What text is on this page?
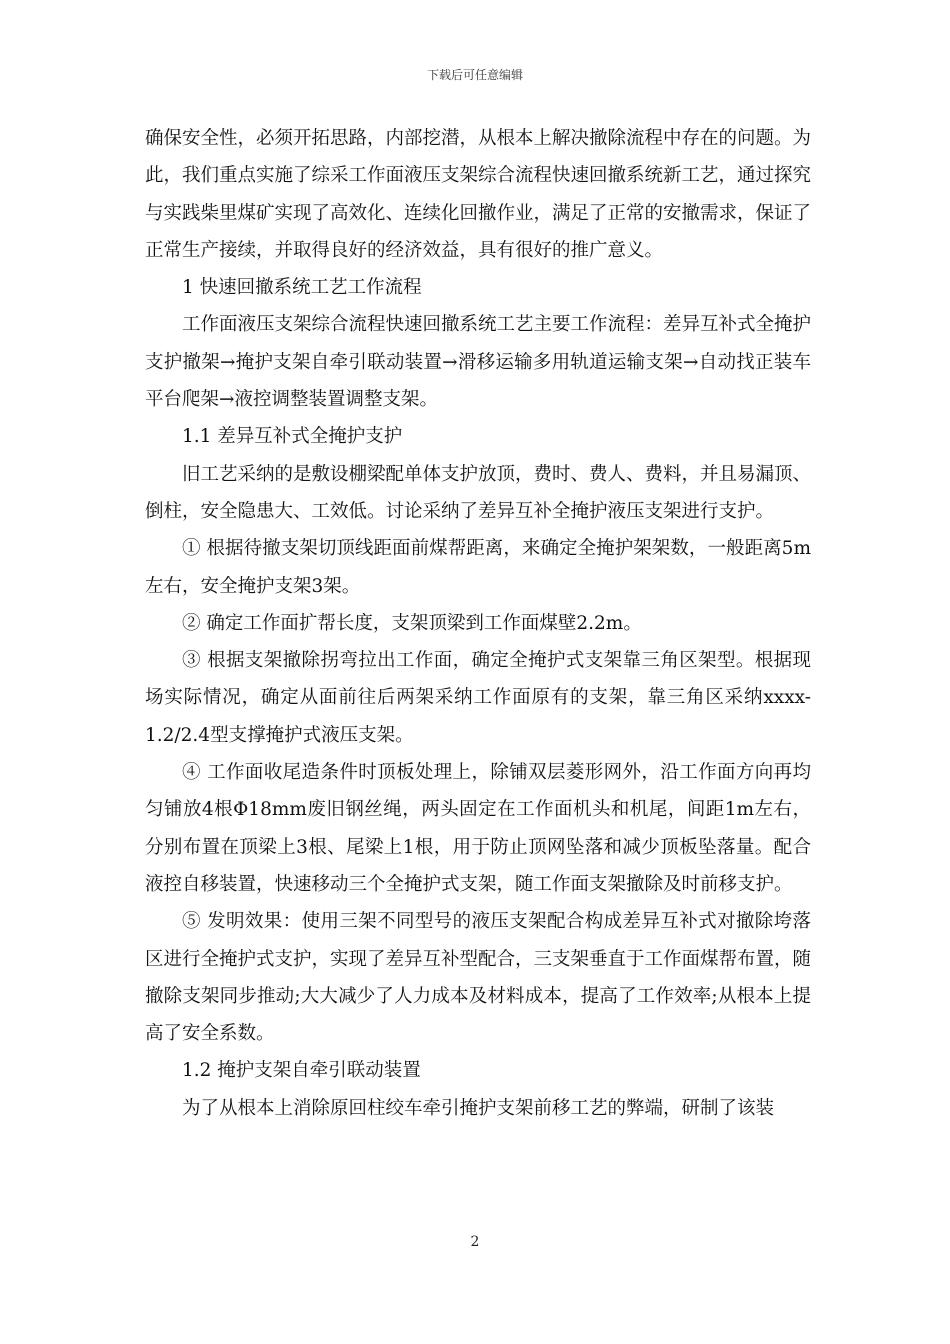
下载后可任意编辑

确保安全性，必须开拓思路，内部挖潜，从根本上解决撤除流程中存在的问题。为此，我们重点实施了综采工作面液压支架综合流程快速回撤系统新工艺，通过探究与实践柴里煤矿实现了高效化、连续化回撤作业，满足了正常的安撤需求，保证了正常生产接续，并取得良好的经济效益，具有很好的推广意义。

1 快速回撤系统工艺工作流程

工作面液压支架综合流程快速回撤系统工艺主要工作流程：差异互补式全掩护支护撤架→掩护支架自牵引联动装置→滑移运输多用轨道运输支架→自动找正装车平台爬架→液控调整装置调整支架。

1.1 差异互补式全掩护支护

旧工艺采纳的是敷设棚梁配单体支护放顶，费时、费人、费料，并且易漏顶、倒柱，安全隐患大、工效低。讨论采纳了差异互补全掩护液压支架进行支护。

① 根据待撤支架切顶线距面前煤帮距离，来确定全掩护架架数，一般距离5m左右，安全掩护支架3架。

② 确定工作面扩帮长度，支架顶梁到工作面煤壁2.2m。

③ 根据支架撤除拐弯拉出工作面，确定全掩护式支架靠三角区架型。根据现场实际情况，确定从面前往后两架采纳工作面原有的支架，靠三角区采纳xxxx-1.2/2.4型支撑掩护式液压支架。

④ 工作面收尾造条件时顶板处理上，除铺双层菱形网外，沿工作面方向再均匀铺放4根Φ18mm废旧钢丝绳，两头固定在工作面机头和机尾，间距1m左右，分别布置在顶梁上3根、尾梁上1根，用于防止顶网坠落和减少顶板坠落量。配合液控自移装置，快速移动三个全掩护式支架，随工作面支架撤除及时前移支护。

⑤ 发明效果：使用三架不同型号的液压支架配合构成差异互补式对撤除垮落区进行全掩护式支护，实现了差异互补型配合，三支架垂直于工作面煤帮布置，随撤除支架同步推动;大大减少了人力成本及材料成本，提高了工作效率;从根本上提高了安全系数。

1.2 掩护支架自牵引联动装置

为了从根本上消除原回柱绞车牵引掩护支架前移工艺的弊端，研制了该装

2
